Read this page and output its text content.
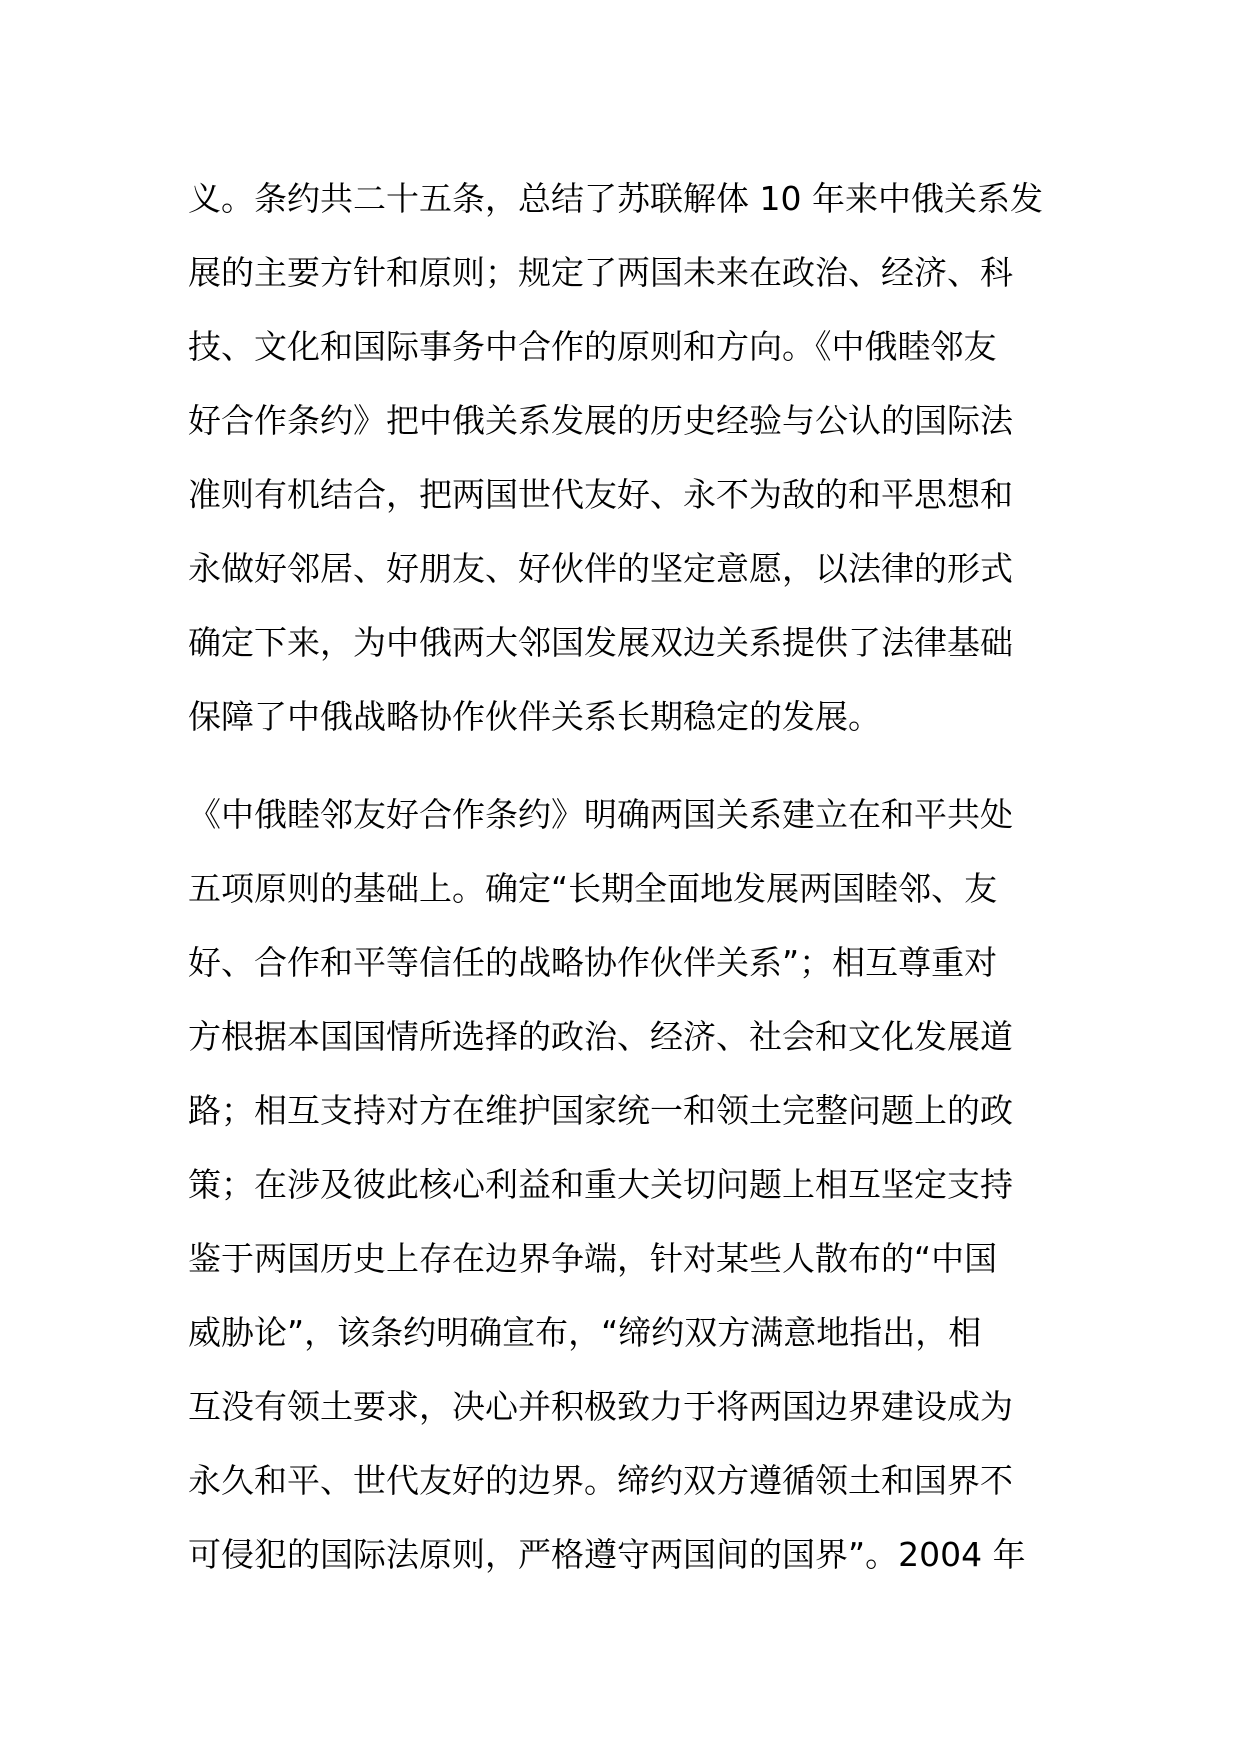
义。条约共二十五条，总结了苏联解体 10 年来中俄关系发
展的主要方针和原则；规定了两国未来在政治、经济、科
技、文化和国际事务中合作的原则和方向。《中俄睦邻友
好合作条约》把中俄关系发展的历史经验与公认的国际法
准则有机结合，把两国世代友好、永不为敌的和平思想和
永做好邻居、好朋友、好伙伴的坚定意愿，以法律的形式
确定下来，为中俄两大邻国发展双边关系提供了法律基础
保障了中俄战略协作伙伴关系长期稳定的发展。
《中俄睦邻友好合作条约》明确两国关系建立在和平共处
五项原则的基础上。确定“长期全面地发展两国睦邻、友
好、合作和平等信任的战略协作伙伴关系”；相互尊重对
方根据本国国情所选择的政治、经济、社会和文化发展道
路；相互支持对方在维护国家统一和领土完整问题上的政
策；在涉及彼此核心利益和重大关切问题上相互坚定支持
鉴于两国历史上存在边界争端，针对某些人散布的“中国
威胁论”，该条约明确宣布，“缔约双方满意地指出，相
互没有领土要求，决心并积极致力于将两国边界建设成为
永久和平、世代友好的边界。缔约双方遵循领土和国界不
可侵犯的国际法原则，严格遵守两国间的国界”。2004 年
